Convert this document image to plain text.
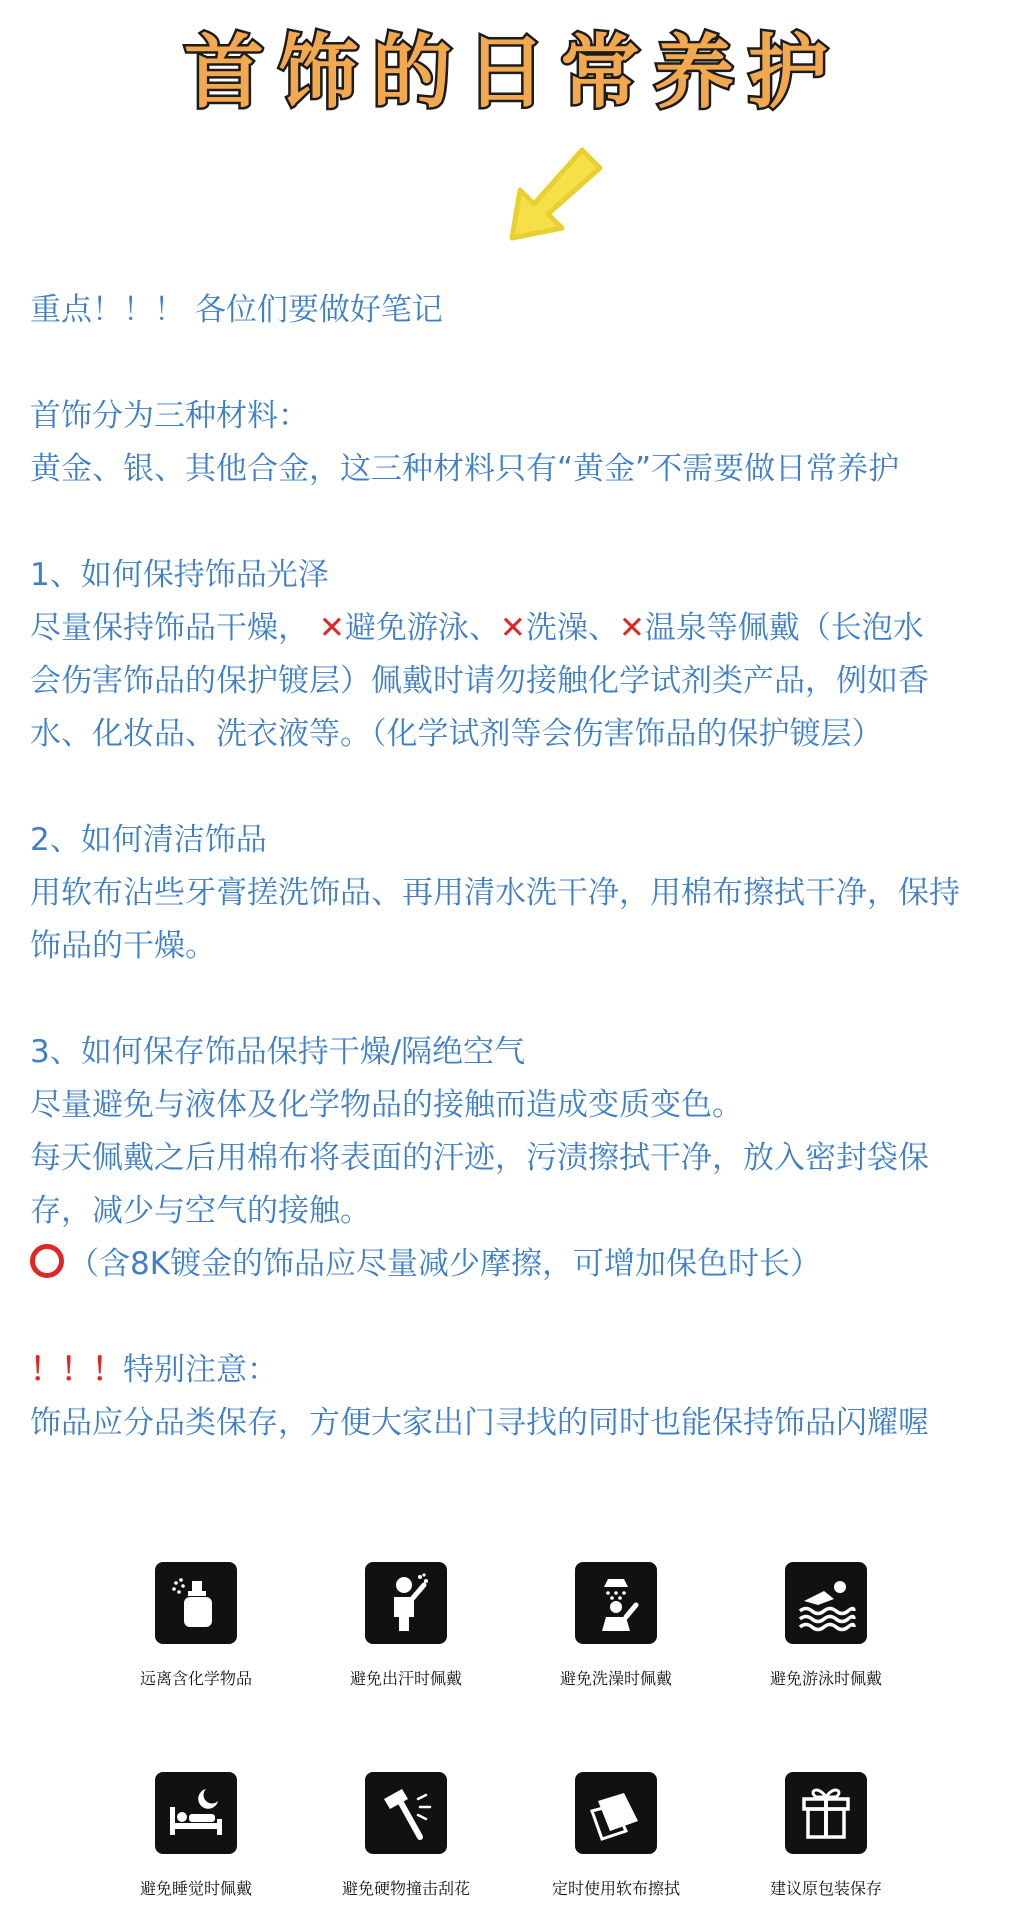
首饰的日常养护

重点！！！ 各位们要做好笔记

首饰分为三种材料：

黄金、银、其他合金，这三种材料只有“黄金”不需要做日常养护

1、如何保持饰品光泽

尽量保持饰品干燥， ✕避免游泳、✕洗澡、✕温泉等佩戴（长泡水

会伤害饰品的保护镀层）佩戴时请勿接触化学试剂类产品，例如香

水、化妆品、洗衣液等。（化学试剂等会伤害饰品的保护镀层）

2、如何清洁饰品

用软布沾些牙膏搓洗饰品、再用清水洗干净，用棉布擦拭干净，保持

饰品的干燥。

3、如何保存饰品保持干燥/隔绝空气

尽量避免与液体及化学物品的接触而造成变质变色。

每天佩戴之后用棉布将表面的汗迹，污渍擦拭干净，放入密封袋保

存，减少与空气的接触。

（含8K镀金的饰品应尽量减少摩擦，可增加保色时长）

！！！特别注意：

饰品应分品类保存，方便大家出门寻找的同时也能保持饰品闪耀喔

远离含化学物品	避免出汗时佩戴	避免洗澡时佩戴	避免游泳时佩戴
避免睡觉时佩戴	避免硬物撞击刮花	定时使用软布擦拭	建议原包装保存
